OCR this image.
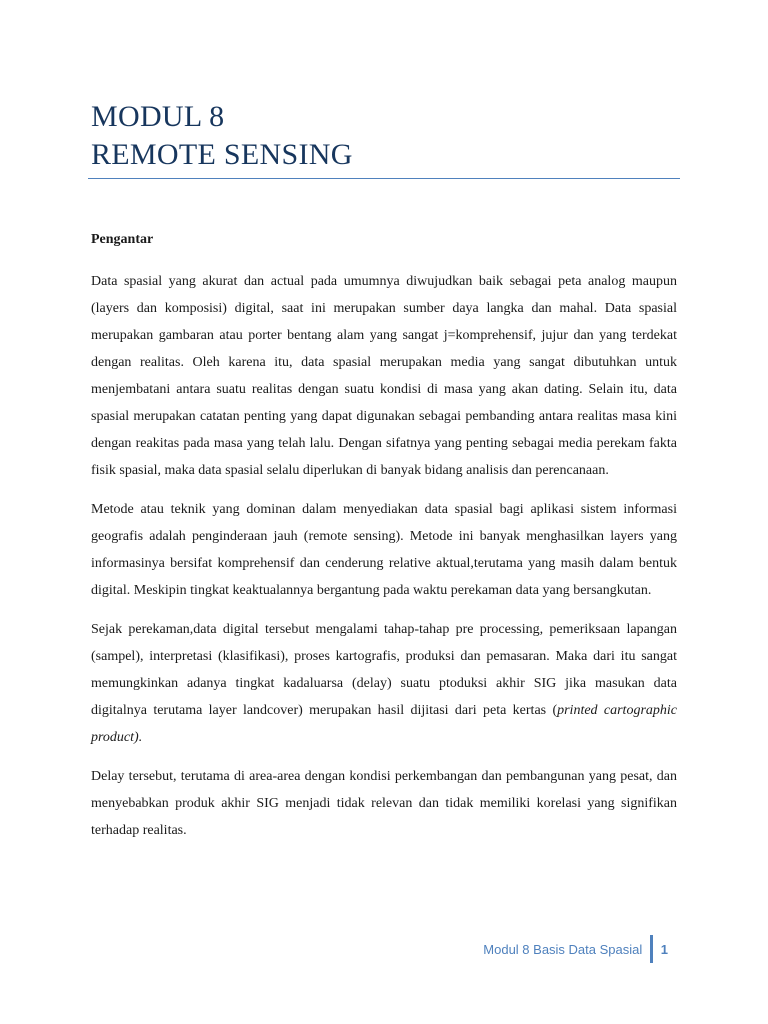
MODUL 8
REMOTE SENSING

Pengantar

Data spasial yang akurat dan actual pada umumnya diwujudkan baik sebagai peta analog maupun (layers dan komposisi) digital, saat ini merupakan sumber daya langka dan mahal. Data spasial merupakan gambaran atau porter bentang alam yang sangat j=komprehensif, jujur dan yang terdekat dengan realitas. Oleh karena itu, data spasial merupakan media yang sangat dibutuhkan untuk menjembatani antara suatu realitas dengan suatu kondisi di masa yang akan dating. Selain itu, data spasial merupakan catatan penting yang dapat digunakan sebagai pembanding antara realitas masa kini dengan reakitas pada masa yang telah lalu. Dengan sifatnya yang penting sebagai media perekam fakta fisik spasial, maka data spasial selalu diperlukan di banyak bidang analisis dan perencanaan.

Metode atau teknik yang dominan dalam menyediakan data spasial bagi aplikasi sistem informasi geografis adalah penginderaan jauh (remote sensing). Metode ini banyak menghasilkan layers yang informasinya bersifat komprehensif dan cenderung relative aktual,terutama yang masih dalam bentuk digital. Meskipin tingkat keaktualannya bergantung pada waktu perekaman data yang bersangkutan.

Sejak perekaman,data digital tersebut mengalami tahap-tahap pre processing, pemeriksaan lapangan (sampel), interpretasi (klasifikasi), proses kartografis, produksi dan pemasaran. Maka dari itu sangat memungkinkan adanya tingkat kadaluarsa (delay) suatu ptoduksi akhir SIG jika masukan data digitalnya terutama layer landcover) merupakan hasil dijitasi dari peta kertas (printed cartographic product).

Delay tersebut, terutama di area-area dengan kondisi perkembangan dan pembangunan yang pesat, dan menyebabkan produk akhir SIG menjadi tidak relevan dan tidak memiliki korelasi yang signifikan terhadap realitas.

Modul 8 Basis Data Spasial 1
